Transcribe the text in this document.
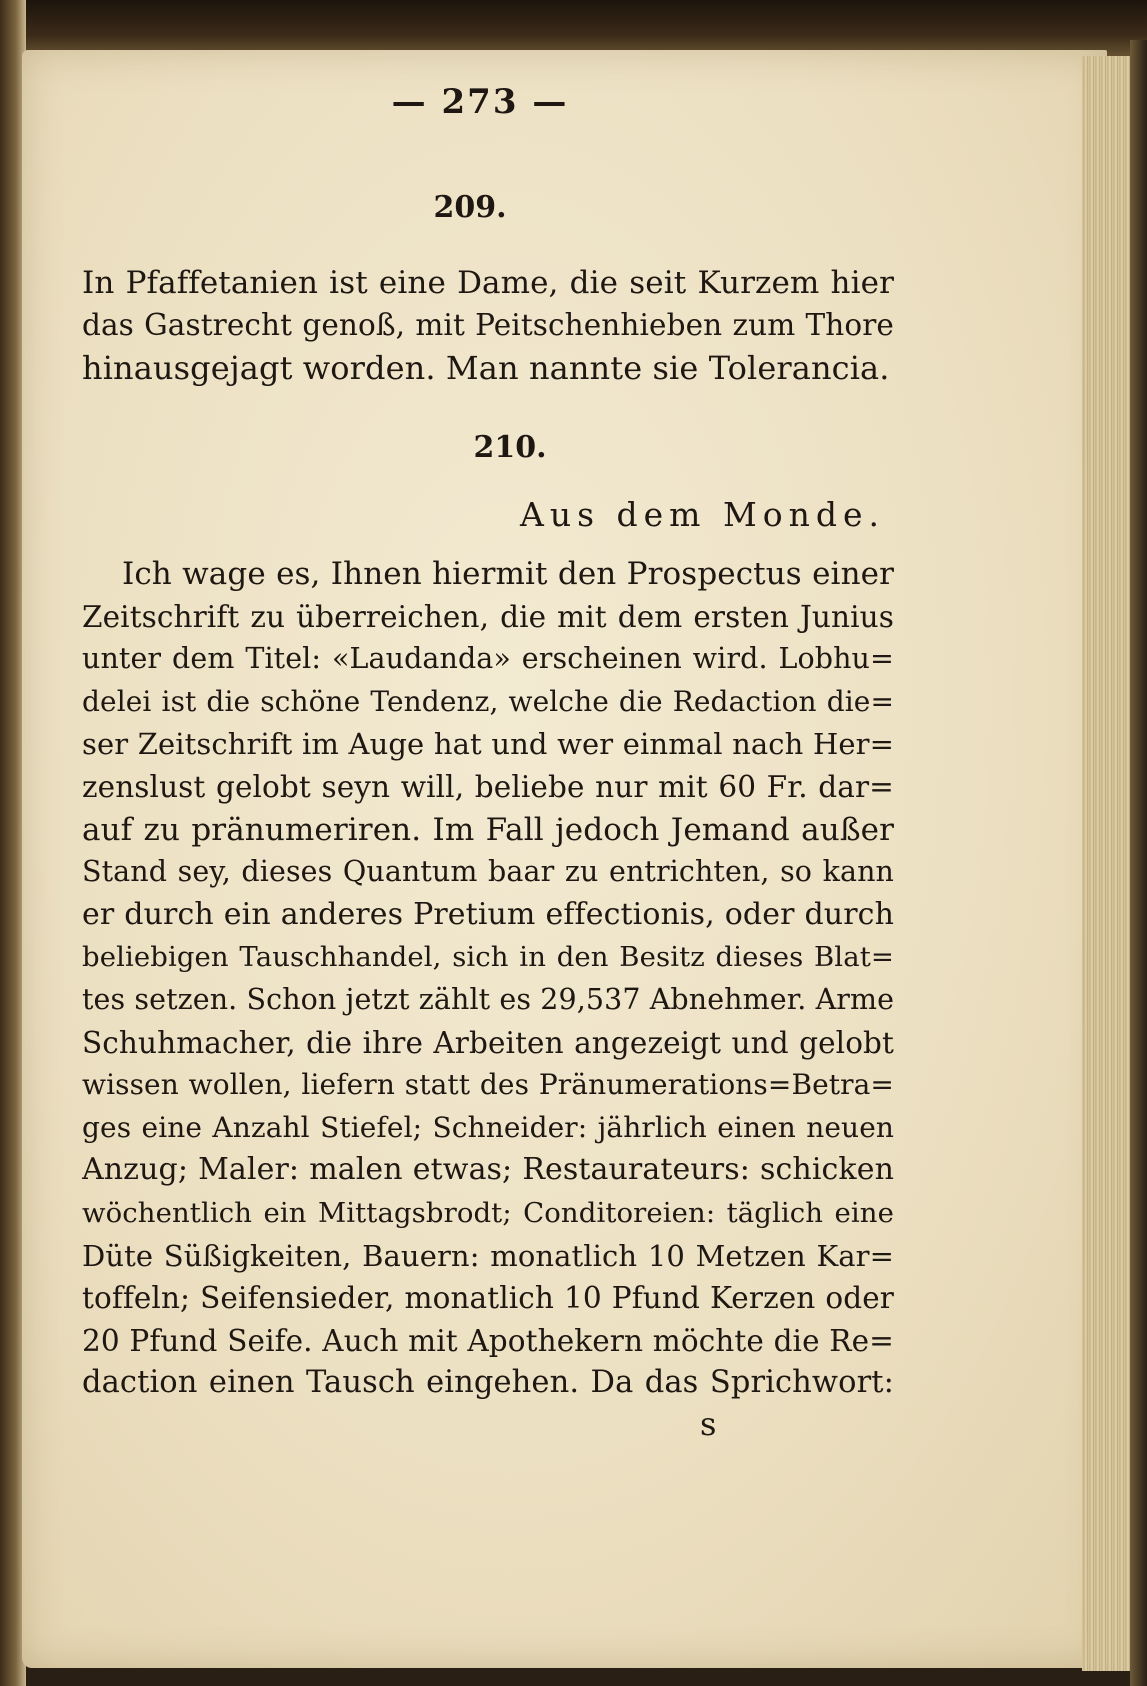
— 273 —
209.
In Pfaffetanien ist eine Dame, die seit Kurzem hier
das Gastrecht genoß, mit Peitschenhieben zum Thore
hinausgejagt worden. Man nannte sie Tolerancia.
210.
Aus dem Monde.
Ich wage es, Ihnen hiermit den Prospectus einer
Zeitschrift zu überreichen, die mit dem ersten Junius
unter dem Titel: «Laudanda» erscheinen wird. Lobhu=
delei ist die schöne Tendenz, welche die Redaction die=
ser Zeitschrift im Auge hat und wer einmal nach Her=
zenslust gelobt seyn will, beliebe nur mit 60 Fr. dar=
auf zu pränumeriren. Im Fall jedoch Jemand außer
Stand sey, dieses Quantum baar zu entrichten, so kann
er durch ein anderes Pretium effectionis, oder durch
beliebigen Tauschhandel, sich in den Besitz dieses Blat=
tes setzen. Schon jetzt zählt es 29,537 Abnehmer. Arme
Schuhmacher, die ihre Arbeiten angezeigt und gelobt
wissen wollen, liefern statt des Pränumerations=Betra=
ges eine Anzahl Stiefel; Schneider: jährlich einen neuen
Anzug; Maler: malen etwas; Restaurateurs: schicken
wöchentlich ein Mittagsbrodt; Conditoreien: täglich eine
Düte Süßigkeiten, Bauern: monatlich 10 Metzen Kar=
toffeln; Seifensieder, monatlich 10 Pfund Kerzen oder
20 Pfund Seife. Auch mit Apothekern möchte die Re=
daction einen Tausch eingehen. Da das Sprichwort:
s
